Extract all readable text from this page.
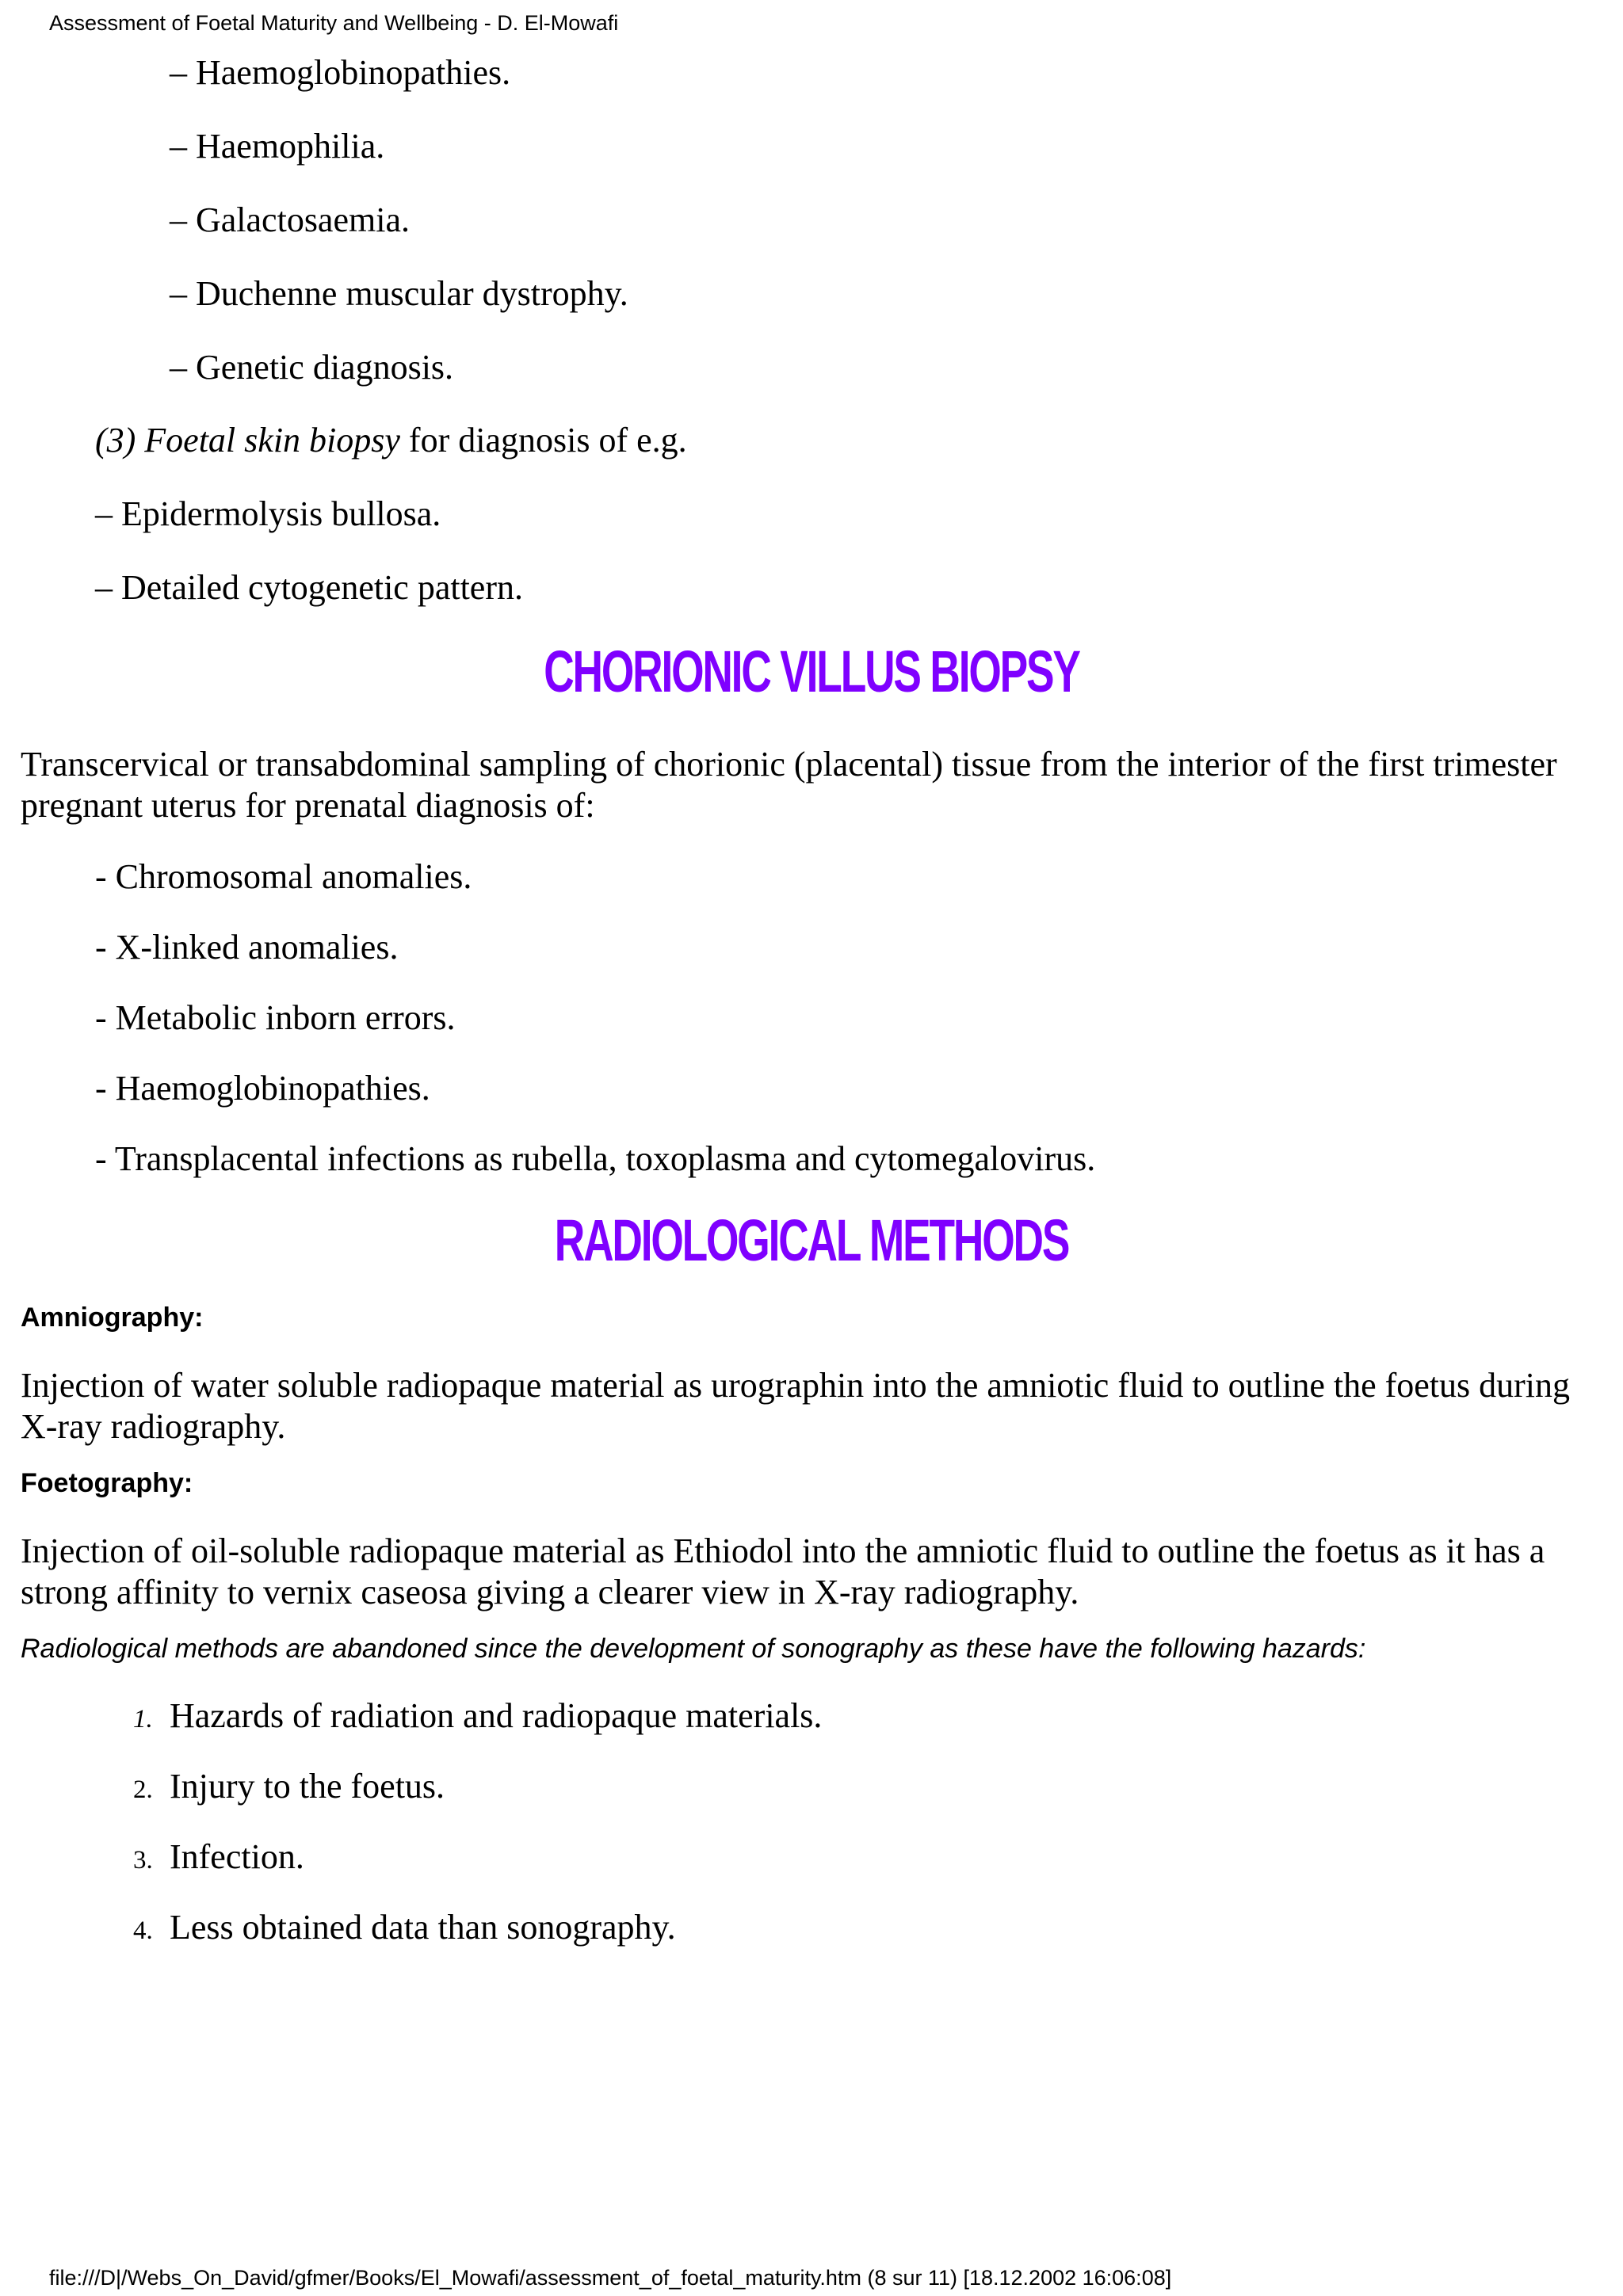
Assessment of Foetal Maturity and Wellbeing - D. El-Mowafi
– Haemoglobinopathies.
– Haemophilia.
– Galactosaemia.
– Duchenne muscular dystrophy.
– Genetic diagnosis.
(3) Foetal skin biopsy for diagnosis of e.g.
– Epidermolysis bullosa.
– Detailed cytogenetic pattern.
CHORIONIC VILLUS BIOPSY
Transcervical or transabdominal sampling of chorionic (placental) tissue from the interior of the first trimester pregnant uterus for prenatal diagnosis of:
- Chromosomal anomalies.
- X-linked anomalies.
- Metabolic inborn errors.
- Haemoglobinopathies.
- Transplacental infections as rubella, toxoplasma and cytomegalovirus.
RADIOLOGICAL METHODS
Amniography:
Injection of water soluble radiopaque material as urographin into the amniotic fluid to outline the foetus during X-ray radiography.
Foetography:
Injection of oil-soluble radiopaque material as Ethiodol into the amniotic fluid to outline the foetus as it has a strong affinity to vernix caseosa giving a clearer view in X-ray radiography.
Radiological methods are abandoned since the development of sonography as these have the following hazards:
1. Hazards of radiation and radiopaque materials.
2. Injury to the foetus.
3. Infection.
4. Less obtained data than sonography.
file:///D|/Webs_On_David/gfmer/Books/El_Mowafi/assessment_of_foetal_maturity.htm (8 sur 11) [18.12.2002 16:06:08]
